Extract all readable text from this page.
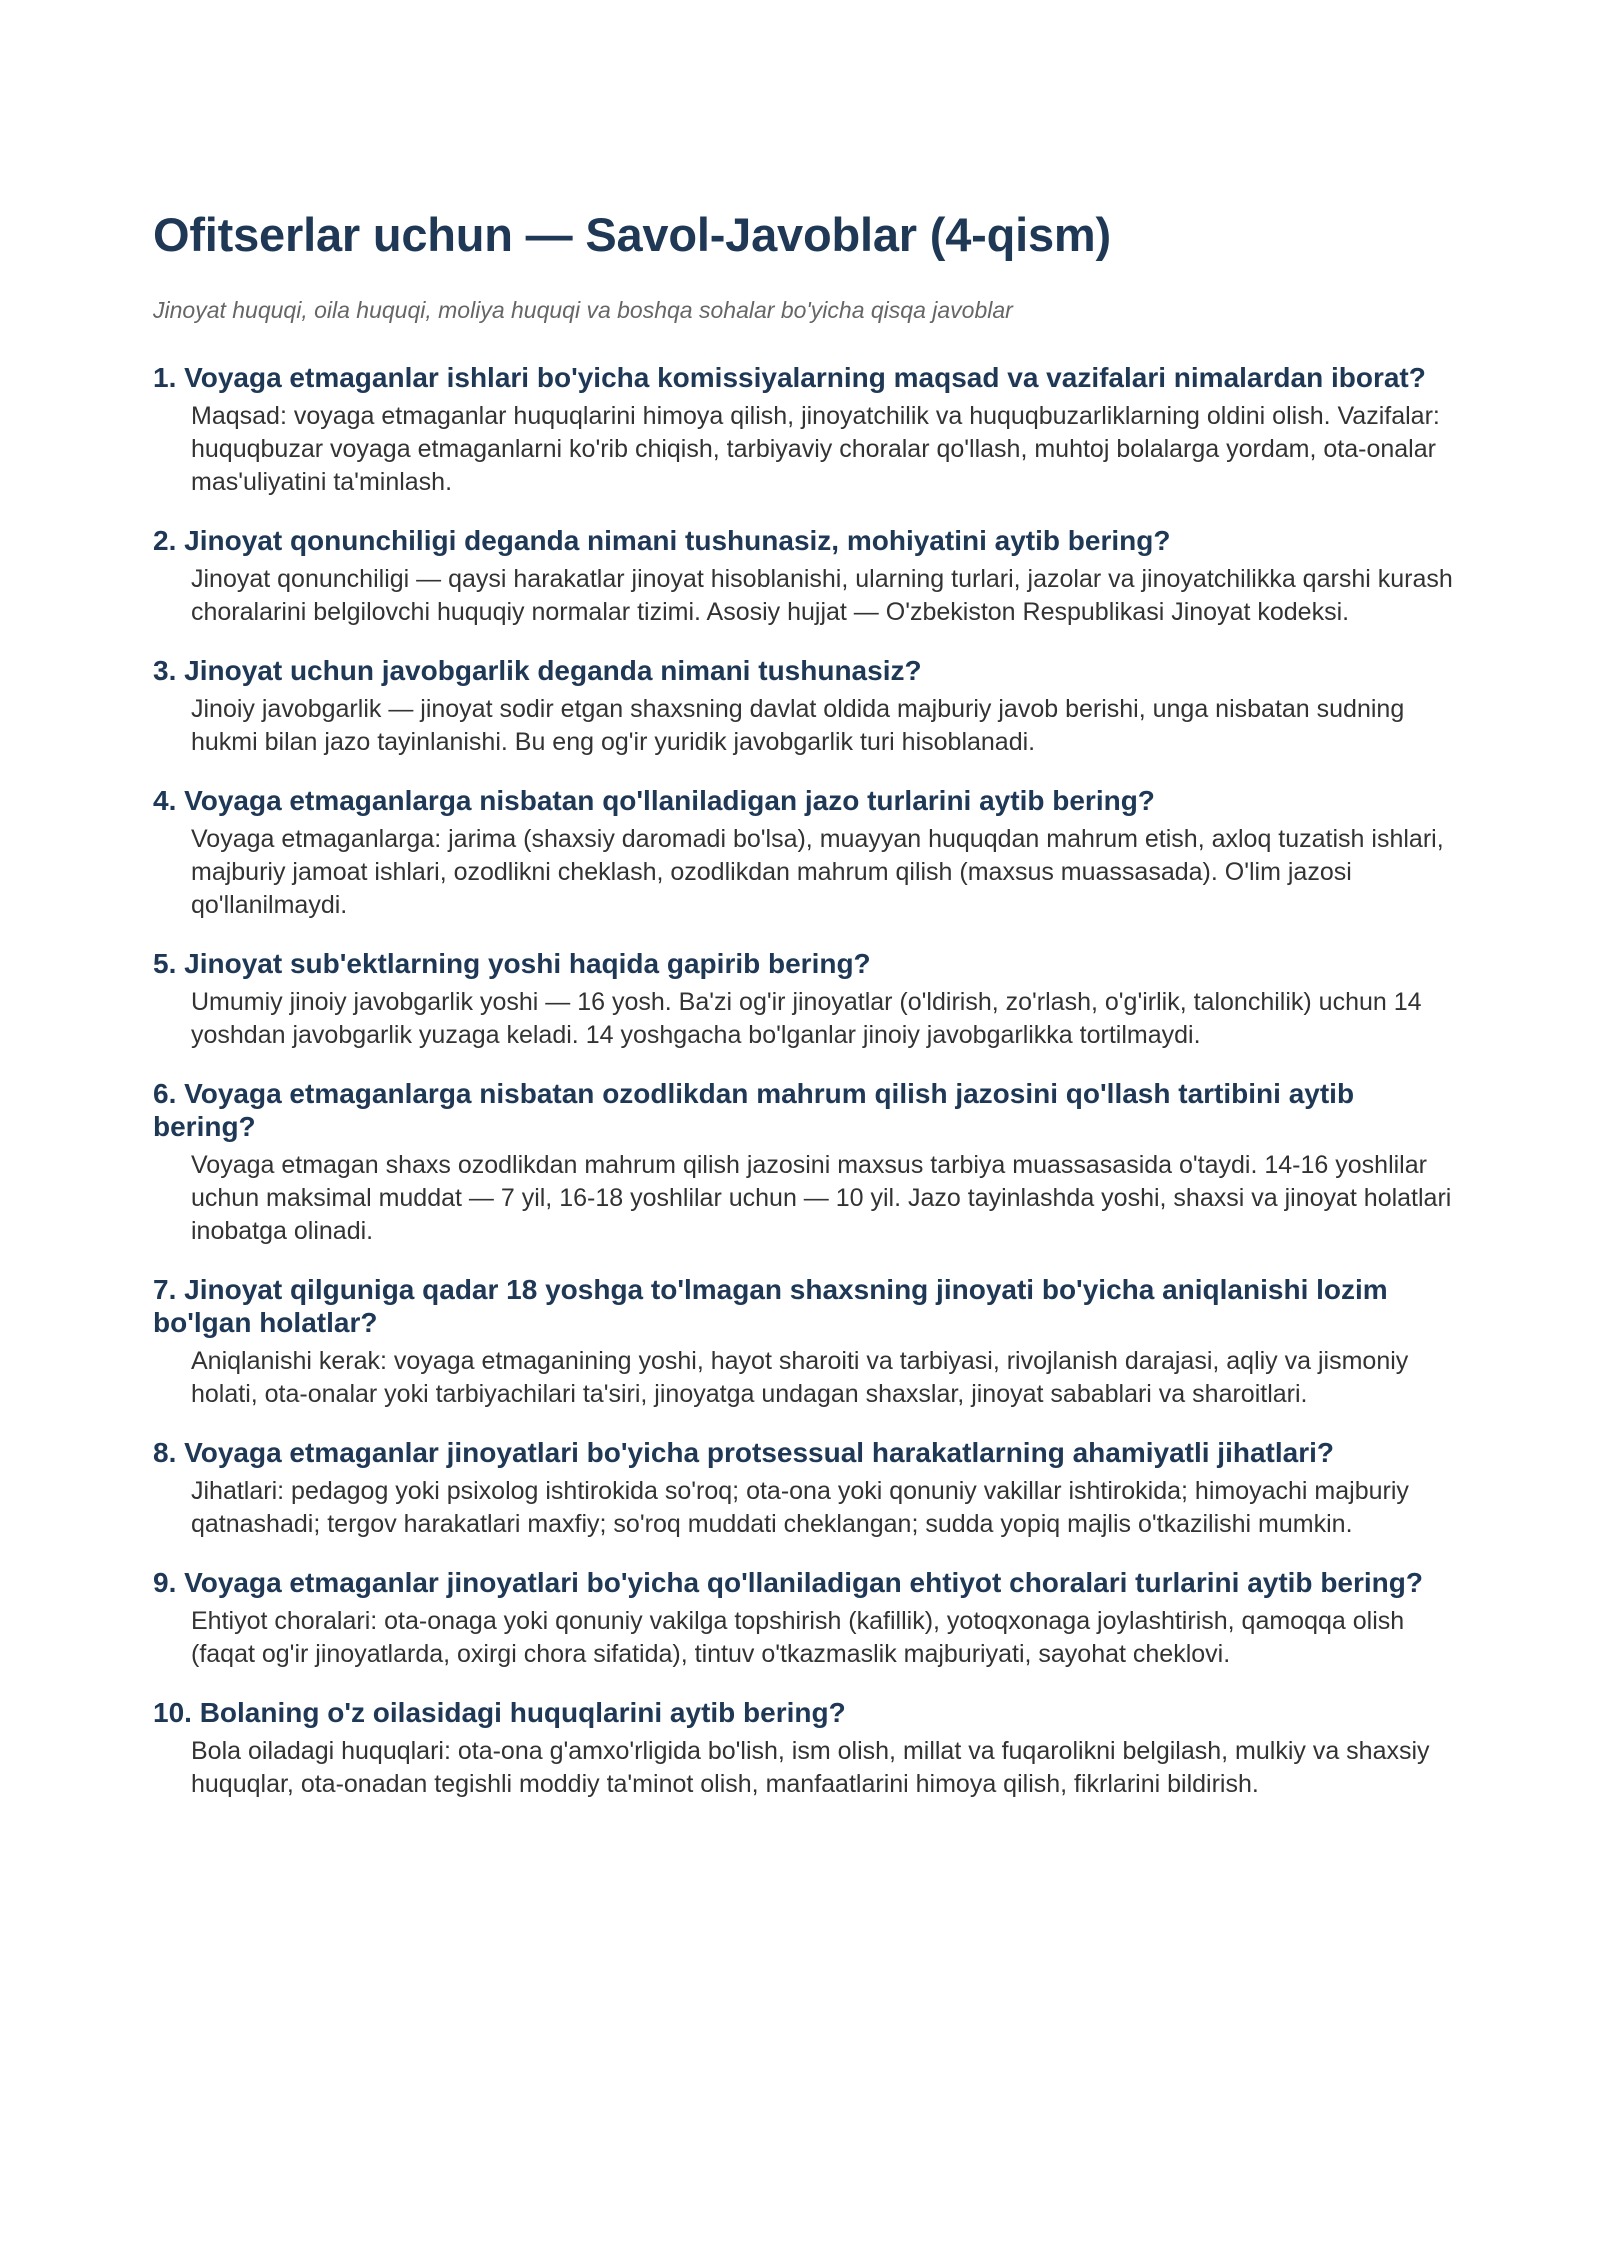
Ofitserlar uchun — Savol-Javoblar (4-qism)
Jinoyat huquqi, oila huquqi, moliya huquqi va boshqa sohalar bo'yicha qisqa javoblar
1. Voyaga etmaganlar ishlari bo'yicha komissiyalarning maqsad va vazifalari nimalardan iborat?
Maqsad: voyaga etmaganlar huquqlarini himoya qilish, jinoyatchilik va huquqbuzarliklarning oldini olish. Vazifalar: huquqbuzar voyaga etmaganlarni ko'rib chiqish, tarbiyaviy choralar qo'llash, muhtoj bolalarga yordam, ota-onalar mas'uliyatini ta'minlash.
2. Jinoyat qonunchiligi deganda nimani tushunasiz, mohiyatini aytib bering?
Jinoyat qonunchiligi — qaysi harakatlar jinoyat hisoblanishi, ularning turlari, jazolar va jinoyatchilikka qarshi kurash choralarini belgilovchi huquqiy normalar tizimi. Asosiy hujjat — O'zbekiston Respublikasi Jinoyat kodeksi.
3. Jinoyat uchun javobgarlik deganda nimani tushunasiz?
Jinoiy javobgarlik — jinoyat sodir etgan shaxsning davlat oldida majburiy javob berishi, unga nisbatan sudning hukmi bilan jazo tayinlanishi. Bu eng og'ir yuridik javobgarlik turi hisoblanadi.
4. Voyaga etmaganlarga nisbatan qo'llaniladigan jazo turlarini aytib bering?
Voyaga etmaganlarga: jarima (shaxsiy daromadi bo'lsa), muayyan huquqdan mahrum etish, axloq tuzatish ishlari, majburiy jamoat ishlari, ozodlikni cheklash, ozodlikdan mahrum qilish (maxsus muassasada). O'lim jazosi qo'llanilmaydi.
5. Jinoyat sub'ektlarning yoshi haqida gapirib bering?
Umumiy jinoiy javobgarlik yoshi — 16 yosh. Ba'zi og'ir jinoyatlar (o'ldirish, zo'rlash, o'g'irlik, talonchilik) uchun 14 yoshdan javobgarlik yuzaga keladi. 14 yoshgacha bo'lganlar jinoiy javobgarlikka tortilmaydi.
6. Voyaga etmaganlarga nisbatan ozodlikdan mahrum qilish jazosini qo'llash tartibini aytib bering?
Voyaga etmagan shaxs ozodlikdan mahrum qilish jazosini maxsus tarbiya muassasasida o'taydi. 14-16 yoshlilar uchun maksimal muddat — 7 yil, 16-18 yoshlilar uchun — 10 yil. Jazo tayinlashda yoshi, shaxsi va jinoyat holatlari inobatga olinadi.
7. Jinoyat qilguniga qadar 18 yoshga to'lmagan shaxsning jinoyati bo'yicha aniqlanishi lozim bo'lgan holatlar?
Aniqlanishi kerak: voyaga etmaganining yoshi, hayot sharoiti va tarbiyasi, rivojlanish darajasi, aqliy va jismoniy holati, ota-onalar yoki tarbiyachilari ta'siri, jinoyatga undagan shaxslar, jinoyat sabablari va sharoitlari.
8. Voyaga etmaganlar jinoyatlari bo'yicha protsessual harakatlarning ahamiyatli jihatlari?
Jihatlari: pedagog yoki psixolog ishtirokida so'roq; ota-ona yoki qonuniy vakillar ishtirokida; himoyachi majburiy qatnashadi; tergov harakatlari maxfiy; so'roq muddati cheklangan; sudda yopiq majlis o'tkazilishi mumkin.
9. Voyaga etmaganlar jinoyatlari bo'yicha qo'llaniladigan ehtiyot choralari turlarini aytib bering?
Ehtiyot choralari: ota-onaga yoki qonuniy vakilga topshirish (kafillik), yotoqxonaga joylashtirish, qamoqqa olish (faqat og'ir jinoyatlarda, oxirgi chora sifatida), tintuv o'tkazmaslik majburiyati, sayohat cheklovi.
10. Bolaning o'z oilasidagi huquqlarini aytib bering?
Bola oiladagi huquqlari: ota-ona g'amxo'rligida bo'lish, ism olish, millat va fuqarolikni belgilash, mulkiy va shaxsiy huquqlar, ota-onadan tegishli moddiy ta'minot olish, manfaatlarini himoya qilish, fikrlarini bildirish.
